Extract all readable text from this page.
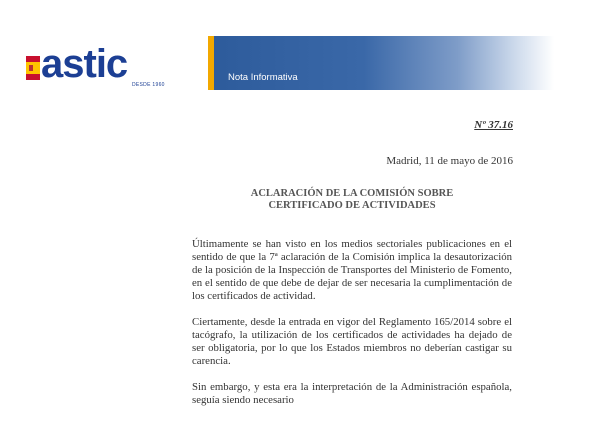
astic DESDE 1960
Nota Informativa
Nº 37.16
Madrid, 11 de mayo de 2016
ACLARACIÓN DE LA COMISIÓN SOBRE
CERTIFICADO DE ACTIVIDADES

Últimamente se han visto en los medios sectoriales publicaciones en el sentido de que la 7ª aclaración de la Comisión implica la desautorización de la posición de la Inspección de Transportes del Ministerio de Fomento, en el sentido de que debe de dejar de ser necesaria la cumplimentación de los certificados de actividad.

Ciertamente, desde la entrada en vigor del Reglamento 165/2014 sobre el tacógrafo, la utilización de los certificados de actividades ha dejado de ser obligatoria, por lo que los Estados miembros no deberían castigar su carencia.

Sin embargo, y esta era la interpretación de la Administración española, seguía siendo necesario
